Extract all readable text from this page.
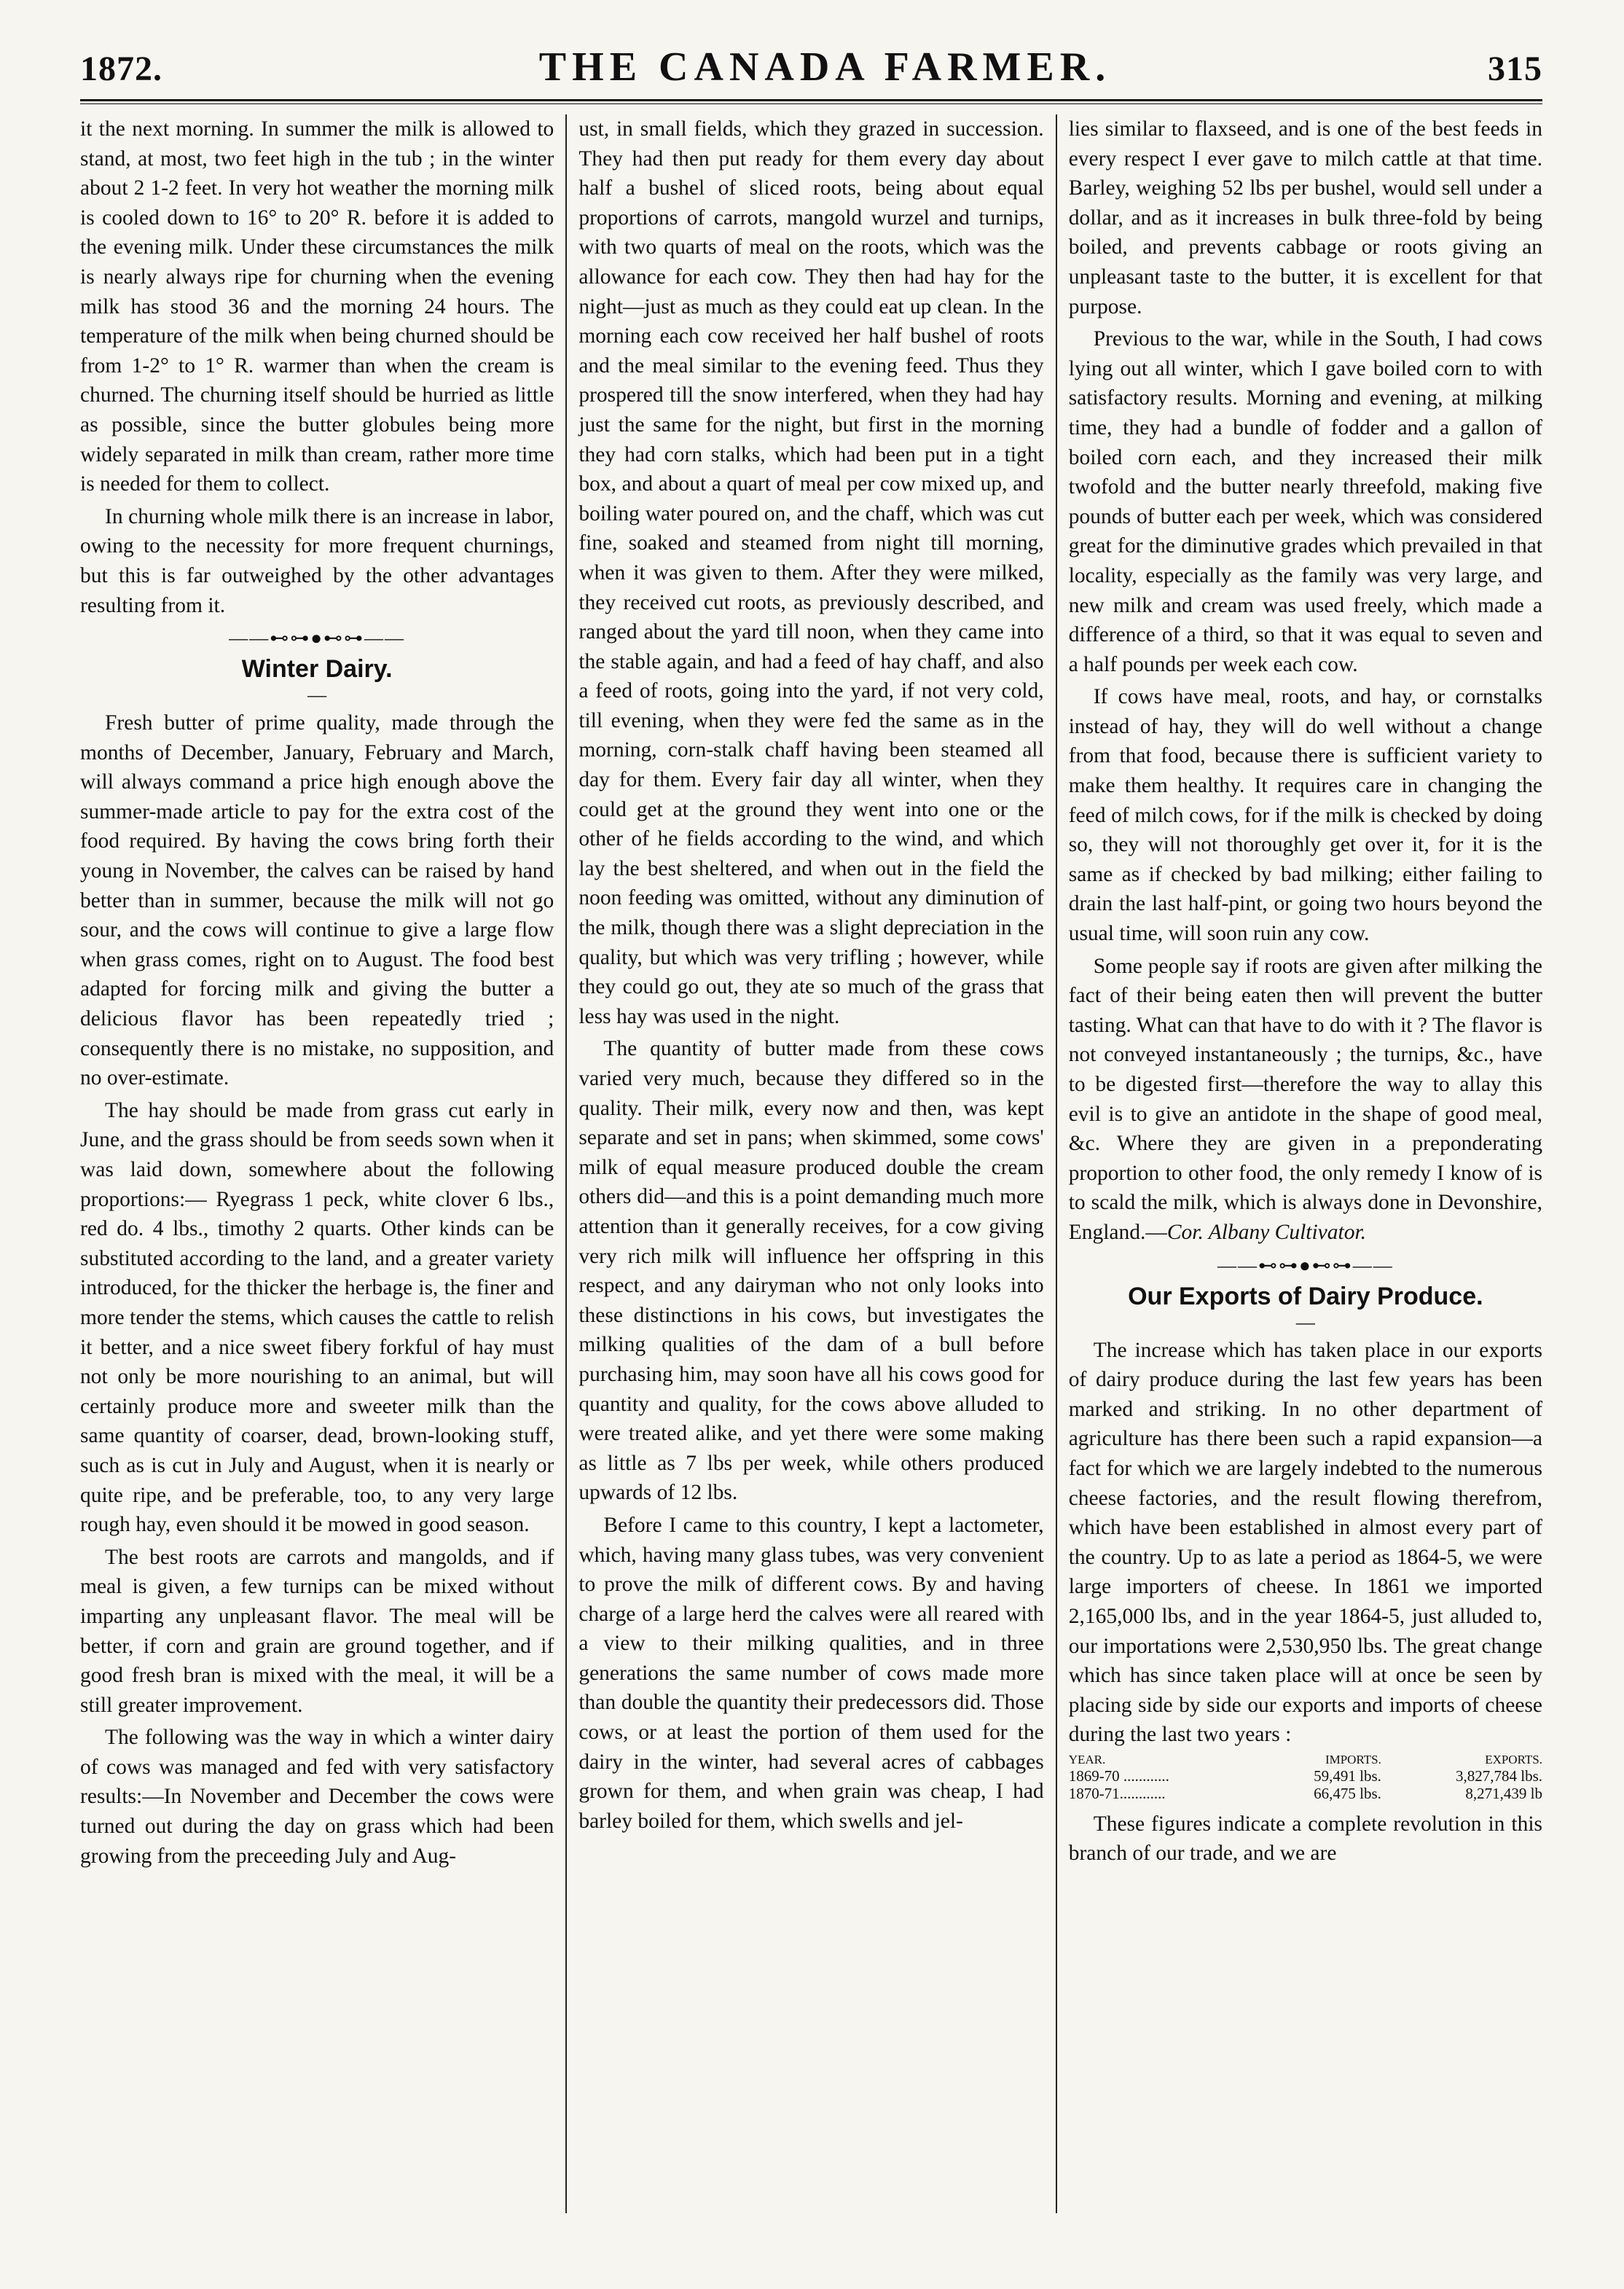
1872.	THE CANADA FARMER.	315

it the next morning. In summer the milk is allowed to stand, at most, two feet high in the tub ; in the winter about 2 1-2 feet. In very hot weather the morning milk is cooled down to 16° to 20° R. before it is added to the evening milk. Under these circumstances the milk is nearly always ripe for churning when the evening milk has stood 36 and the morning 24 hours. The temperature of the milk when being churned should be from 1-2° to 1° R. warmer than when the cream is churned. The churning itself should be hurried as little as possible, since the butter globules being more widely separated in milk than cream, rather more time is needed for them to collect.

In churning whole milk there is an increase in labor, owing to the necessity for more frequent churnings, but this is far outweighed by the other advantages resulting from it.

——⊷⊶●⊷⊶——
Winter Dairy.
—

Fresh butter of prime quality, made through the months of December, January, February and March, will always command a price high enough above the summer-made article to pay for the extra cost of the food required. By having the cows bring forth their young in November, the calves can be raised by hand better than in summer, because the milk will not go sour, and the cows will continue to give a large flow when grass comes, right on to August. The food best adapted for forcing milk and giving the butter a delicious flavor has been repeatedly tried ; consequently there is no mistake, no supposition, and no over-estimate.

The hay should be made from grass cut early in June, and the grass should be from seeds sown when it was laid down, somewhere about the following proportions:— Ryegrass 1 peck, white clover 6 lbs., red do. 4 lbs., timothy 2 quarts. Other kinds can be substituted according to the land, and a greater variety introduced, for the thicker the herbage is, the finer and more tender the stems, which causes the cattle to relish it better, and a nice sweet fibery forkful of hay must not only be more nourishing to an animal, but will certainly produce more and sweeter milk than the same quantity of coarser, dead, brown-looking stuff, such as is cut in July and August, when it is nearly or quite ripe, and be preferable, too, to any very large rough hay, even should it be mowed in good season.

The best roots are carrots and mangolds, and if meal is given, a few turnips can be mixed without imparting any unpleasant flavor. The meal will be better, if corn and grain are ground together, and if good fresh bran is mixed with the meal, it will be a still greater improvement.

The following was the way in which a winter dairy of cows was managed and fed with very satisfactory results:—In November and December the cows were turned out during the day on grass which had been growing from the preceeding July and Aug-

ust, in small fields, which they grazed in succession. They had then put ready for them every day about half a bushel of sliced roots, being about equal proportions of carrots, mangold wurzel and turnips, with two quarts of meal on the roots, which was the allowance for each cow. They then had hay for the night—just as much as they could eat up clean. In the morning each cow received her half bushel of roots and the meal similar to the evening feed. Thus they prospered till the snow interfered, when they had hay just the same for the night, but first in the morning they had corn stalks, which had been put in a tight box, and about a quart of meal per cow mixed up, and boiling water poured on, and the chaff, which was cut fine, soaked and steamed from night till morning, when it was given to them. After they were milked, they received cut roots, as previously described, and ranged about the yard till noon, when they came into the stable again, and had a feed of hay chaff, and also a feed of roots, going into the yard, if not very cold, till evening, when they were fed the same as in the morning, corn-stalk chaff having been steamed all day for them. Every fair day all winter, when they could get at the ground they went into one or the other of he fields according to the wind, and which lay the best sheltered, and when out in the field the noon feeding was omitted, without any diminution of the milk, though there was a slight depreciation in the quality, but which was very trifling ; however, while they could go out, they ate so much of the grass that less hay was used in the night.

The quantity of butter made from these cows varied very much, because they differed so in the quality. Their milk, every now and then, was kept separate and set in pans; when skimmed, some cows' milk of equal measure produced double the cream others did—and this is a point demanding much more attention than it generally receives, for a cow giving very rich milk will influence her offspring in this respect, and any dairyman who not only looks into these distinctions in his cows, but investigates the milking qualities of the dam of a bull before purchasing him, may soon have all his cows good for quantity and quality, for the cows above alluded to were treated alike, and yet there were some making as little as 7 lbs per week, while others produced upwards of 12 lbs.

Before I came to this country, I kept a lactometer, which, having many glass tubes, was very convenient to prove the milk of different cows. By and having charge of a large herd the calves were all reared with a view to their milking qualities, and in three generations the same number of cows made more than double the quantity their predecessors did. Those cows, or at least the portion of them used for the dairy in the winter, had several acres of cabbages grown for them, and when grain was cheap, I had barley boiled for them, which swells and jel-

lies similar to flaxseed, and is one of the best feeds in every respect I ever gave to milch cattle at that time. Barley, weighing 52 lbs per bushel, would sell under a dollar, and as it increases in bulk three-fold by being boiled, and prevents cabbage or roots giving an unpleasant taste to the butter, it is excellent for that purpose.

Previous to the war, while in the South, I had cows lying out all winter, which I gave boiled corn to with satisfactory results. Morning and evening, at milking time, they had a bundle of fodder and a gallon of boiled corn each, and they increased their milk twofold and the butter nearly threefold, making five pounds of butter each per week, which was considered great for the diminutive grades which prevailed in that locality, especially as the family was very large, and new milk and cream was used freely, which made a difference of a third, so that it was equal to seven and a half pounds per week each cow.

If cows have meal, roots, and hay, or cornstalks instead of hay, they will do well without a change from that food, because there is sufficient variety to make them healthy. It requires care in changing the feed of milch cows, for if the milk is checked by doing so, they will not thoroughly get over it, for it is the same as if checked by bad milking; either failing to drain the last half-pint, or going two hours beyond the usual time, will soon ruin any cow.

Some people say if roots are given after milking the fact of their being eaten then will prevent the butter tasting. What can that have to do with it ? The flavor is not conveyed instantaneously ; the turnips, &c., have to be digested first—therefore the way to allay this evil is to give an antidote in the shape of good meal, &c. Where they are given in a preponderating proportion to other food, the only remedy I know of is to scald the milk, which is always done in Devonshire, England.—Cor. Albany Cultivator.

——⊷⊶●⊷⊶——
Our Exports of Dairy Produce.
—

The increase which has taken place in our exports of dairy produce during the last few years has been marked and striking. In no other department of agriculture has there been such a rapid expansion—a fact for which we are largely indebted to the numerous cheese factories, and the result flowing therefrom, which have been established in almost every part of the country. Up to as late a period as 1864-5, we were large importers of cheese. In 1861 we imported 2,165,000 lbs, and in the year 1864-5, just alluded to, our importations were 2,530,950 lbs. The great change which has since taken place will at once be seen by placing side by side our exports and imports of cheese during the last two years :

YEAR.	IMPORTS.	EXPORTS.
1869-70 ............	59,491 lbs.	3,827,784 lbs.
1870-71............	66,475 lbs.	8,271,439 lb

These figures indicate a complete revolution in this branch of our trade, and we are
